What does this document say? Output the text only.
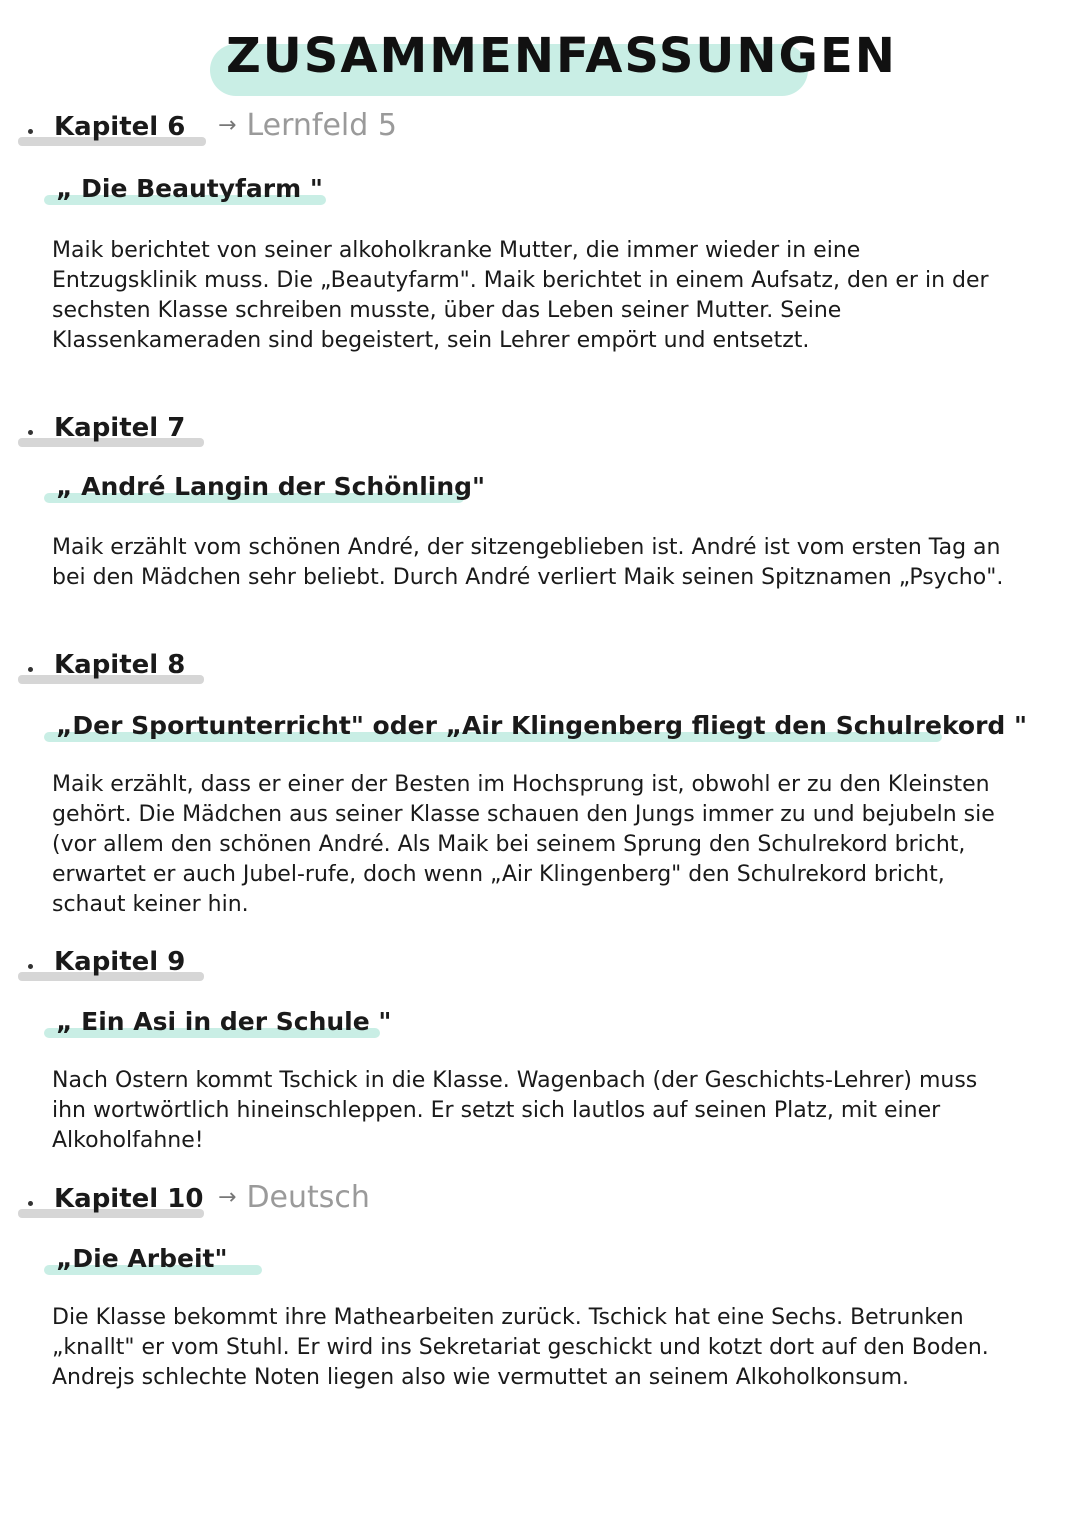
ZUSAMMENFASSUNGEN
Kapitel 6 → Lernfeld 5
„ Die Beautyfarm "
Maik berichtet von seiner alkoholkranke Mutter, die immer wieder in eine Entzugsklinik muss. Die „Beautyfarm". Maik berichtet in einem Aufsatz, den er in der sechsten Klasse schreiben musste, über das Leben seiner Mutter. Seine Klassenkameraden sind begeistert, sein Lehrer empört und entsetzt.
Kapitel 7
„ André Langin der Schönling"
Maik erzählt vom schönen André, der sitzengeblieben ist. André ist vom ersten Tag an bei den Mädchen sehr beliebt. Durch André verliert Maik seinen Spitznamen „Psycho".
Kapitel 8
„Der Sportunterricht" oder „Air Klingenberg fliegt den Schulrekord "
Maik erzählt, dass er einer der Besten im Hochsprung ist, obwohl er zu den Kleinsten gehört. Die Mädchen aus seiner Klasse schauen den Jungs immer zu und bejubeln sie (vor allem den schönen André. Als Maik bei seinem Sprung den Schulrekord bricht, erwartet er auch Jubel-rufe, doch wenn „Air Klingenberg" den Schulrekord bricht, schaut keiner hin.
Kapitel 9
„ Ein Asi in der Schule "
Nach Ostern kommt Tschick in die Klasse. Wagenbach (der Geschichts-Lehrer) muss ihn wortwörtlich hineinschleppen. Er setzt sich lautlos auf seinen Platz, mit einer Alkoholfahne!
Kapitel 10 → Deutsch
„Die Arbeit"
Die Klasse bekommt ihre Mathearbeiten zurück. Tschick hat eine Sechs. Betrunken „knallt" er vom Stuhl. Er wird ins Sekretariat geschickt und kotzt dort auf den Boden. Andrejs schlechte Noten liegen also wie vermuttet an seinem Alkoholkonsum.
